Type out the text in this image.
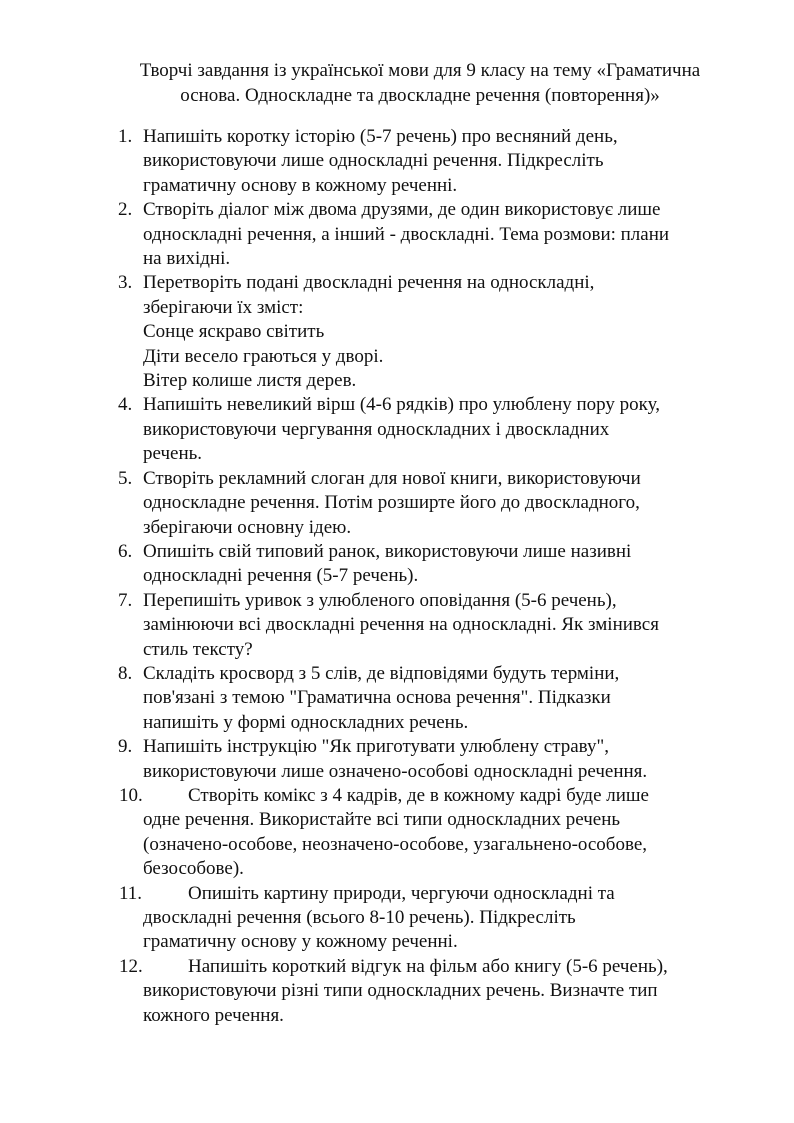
Творчі завдання із української мови для 9 класу на тему «Граматична
основа. Односкладне та двоскладне речення (повторення)»
1. Напишіть коротку історію (5-7 речень) про весняний день,
використовуючи лише односкладні речення. Підкресліть
граматичну основу в кожному реченні.
2. Створіть діалог між двома друзями, де один використовує лише
односкладні речення, а інший - двоскладні. Тема розмови: плани
на вихідні.
3. Перетворіть подані двоскладні речення на односкладні,
зберігаючи їх зміст:
Сонце яскраво світить
Діти весело граються у дворі.
Вітер колише листя дерев.
4. Напишіть невеликий вірш (4-6 рядків) про улюблену пору року,
використовуючи чергування односкладних і двоскладних
речень.
5. Створіть рекламний слоган для нової книги, використовуючи
односкладне речення. Потім розширте його до двоскладного,
зберігаючи основну ідею.
6. Опишіть свій типовий ранок, використовуючи лише називні
односкладні речення (5-7 речень).
7. Перепишіть уривок з улюбленого оповідання (5-6 речень),
замінюючи всі двоскладні речення на односкладні. Як змінився
стиль тексту?
8. Складіть кросворд з 5 слів, де відповідями будуть терміни,
пов'язані з темою "Граматична основа речення". Підказки
напишіть у формі односкладних речень.
9. Напишіть інструкцію "Як приготувати улюблену страву",
використовуючи лише означено-особові односкладні речення.
10.	Створіть комікс з 4 кадрів, де в кожному кадрі буде лише
одне речення. Використайте всі типи односкладних речень
(означено-особове, неозначено-особове, узагальнено-особове,
безособове).
11.	Опишіть картину природи, чергуючи односкладні та
двоскладні речення (всього 8-10 речень). Підкресліть
граматичну основу у кожному реченні.
12.	Напишіть короткий відгук на фільм або книгу (5-6 речень),
використовуючи різні типи односкладних речень. Визначте тип
кожного речення.
